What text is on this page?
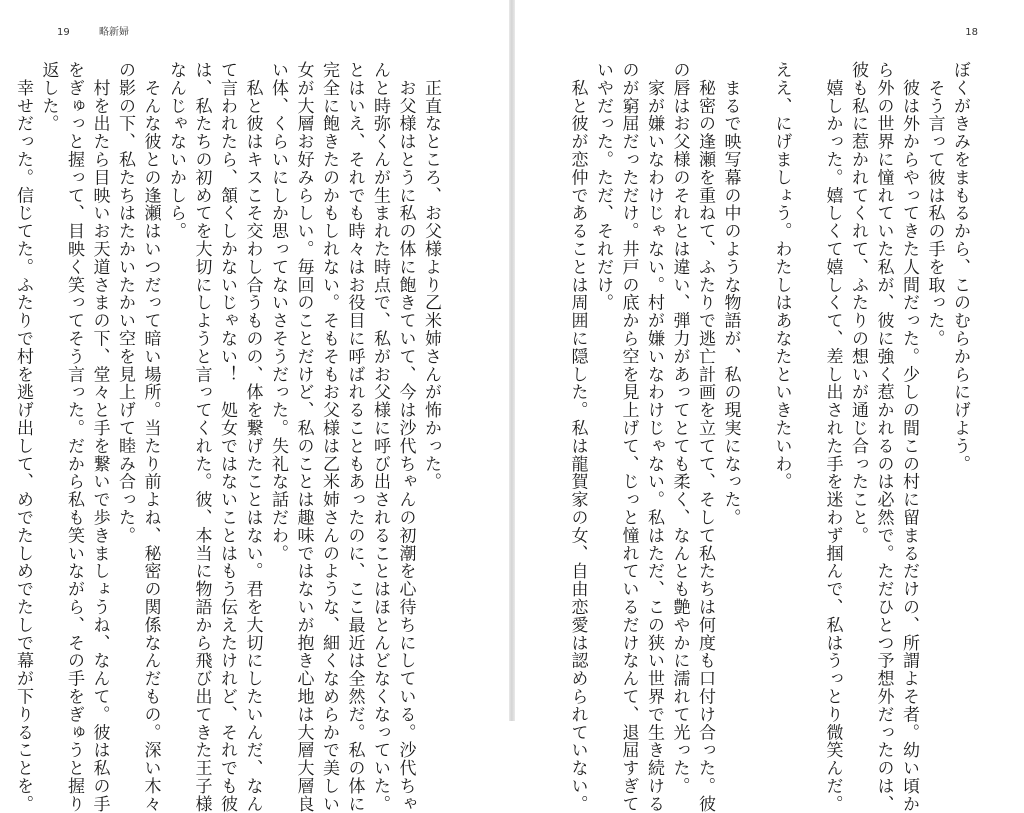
19	略新婦

　正直なところ、お父様より乙米姉さんが怖かった。

　お父様はとうに私の体に飽きていて、今は沙代ちゃんの初潮を心待ちにしている。沙代ちゃ

んと時弥くんが生まれた時点で、私がお父様に呼び出されることはほとんどなくなっていた。

とはいえ、それでも時々はお役目に呼ばれることもあったのに、ここ最近は全然だ。私の体に

完全に飽きたのかもしれない。そもそもお父様は乙米姉さんのような、細くなめらかで美しい

女が大層お好みらしい。毎回のことだけど、私のことは趣味ではないが抱き心地は大層大層良

い体、くらいにしか思ってないさそうだった。失礼な話だわ。

　私と彼はキスこそ交わし合うものの、体を繋げたことはない。君を大切にしたいんだ、なん

て言われたら、頷くしかないじゃない！　処女ではないことはもう伝えたけれど、それでも彼

は、私たちの初めてを大切にしようと言ってくれた。彼、本当に物語から飛び出てきた王子様

なんじゃないかしら。

　そんな彼との逢瀬はいつだって暗い場所。当たり前よね、秘密の関係なんだもの。深い木々

の影の下、私たちはたかいたかい空を見上げて睦み合った。

　村を出たら目映いお天道さまの下、堂々と手を繋いで歩きましょうね、なんて。彼は私の手

をぎゅっと握って、目映く笑ってそう言った。だから私も笑いながら、その手をぎゅうと握り

返した。

　幸せだった。信じてた。ふたりで村を逃げ出して、めでたしめでたしで幕が下りることを。

18

ぼくがきみをまもるから、このむらからにげよう。

　そう言って彼は私の手を取った。

　彼は外からやってきた人間だった。少しの間この村に留まるだけの、所謂よそ者。幼い頃か

ら外の世界に憧れていた私が、彼に強く惹かれるのは必然で。ただひとつ予想外だったのは、

彼も私に惹かれてくれて、ふたりの想いが通じ合ったこと。

　嬉しかった。嬉しくて嬉しくて、差し出された手を迷わず掴んで、私はうっとり微笑んだ。

ええ、にげましょう。わたしはあなたといきたいわ。

　まるで映写幕の中のような物語が、私の現実になった。

　秘密の逢瀬を重ねて、ふたりで逃亡計画を立てて、そして私たちは何度も口付け合った。彼

の唇はお父様のそれとは違い、弾力があってとても柔く、なんとも艶やかに濡れて光った。

　家が嫌いなわけじゃない。村が嫌いなわけじゃない。私はただ、この狭い世界で生き続ける

のが窮屈だっただけ。井戸の底から空を見上げて、じっと憧れているだけなんて、退屈すぎて

いやだった。ただ、それだけ。

　私と彼が恋仲であることは周囲に隠した。私は龍賀家の女、自由恋愛は認められていない。
